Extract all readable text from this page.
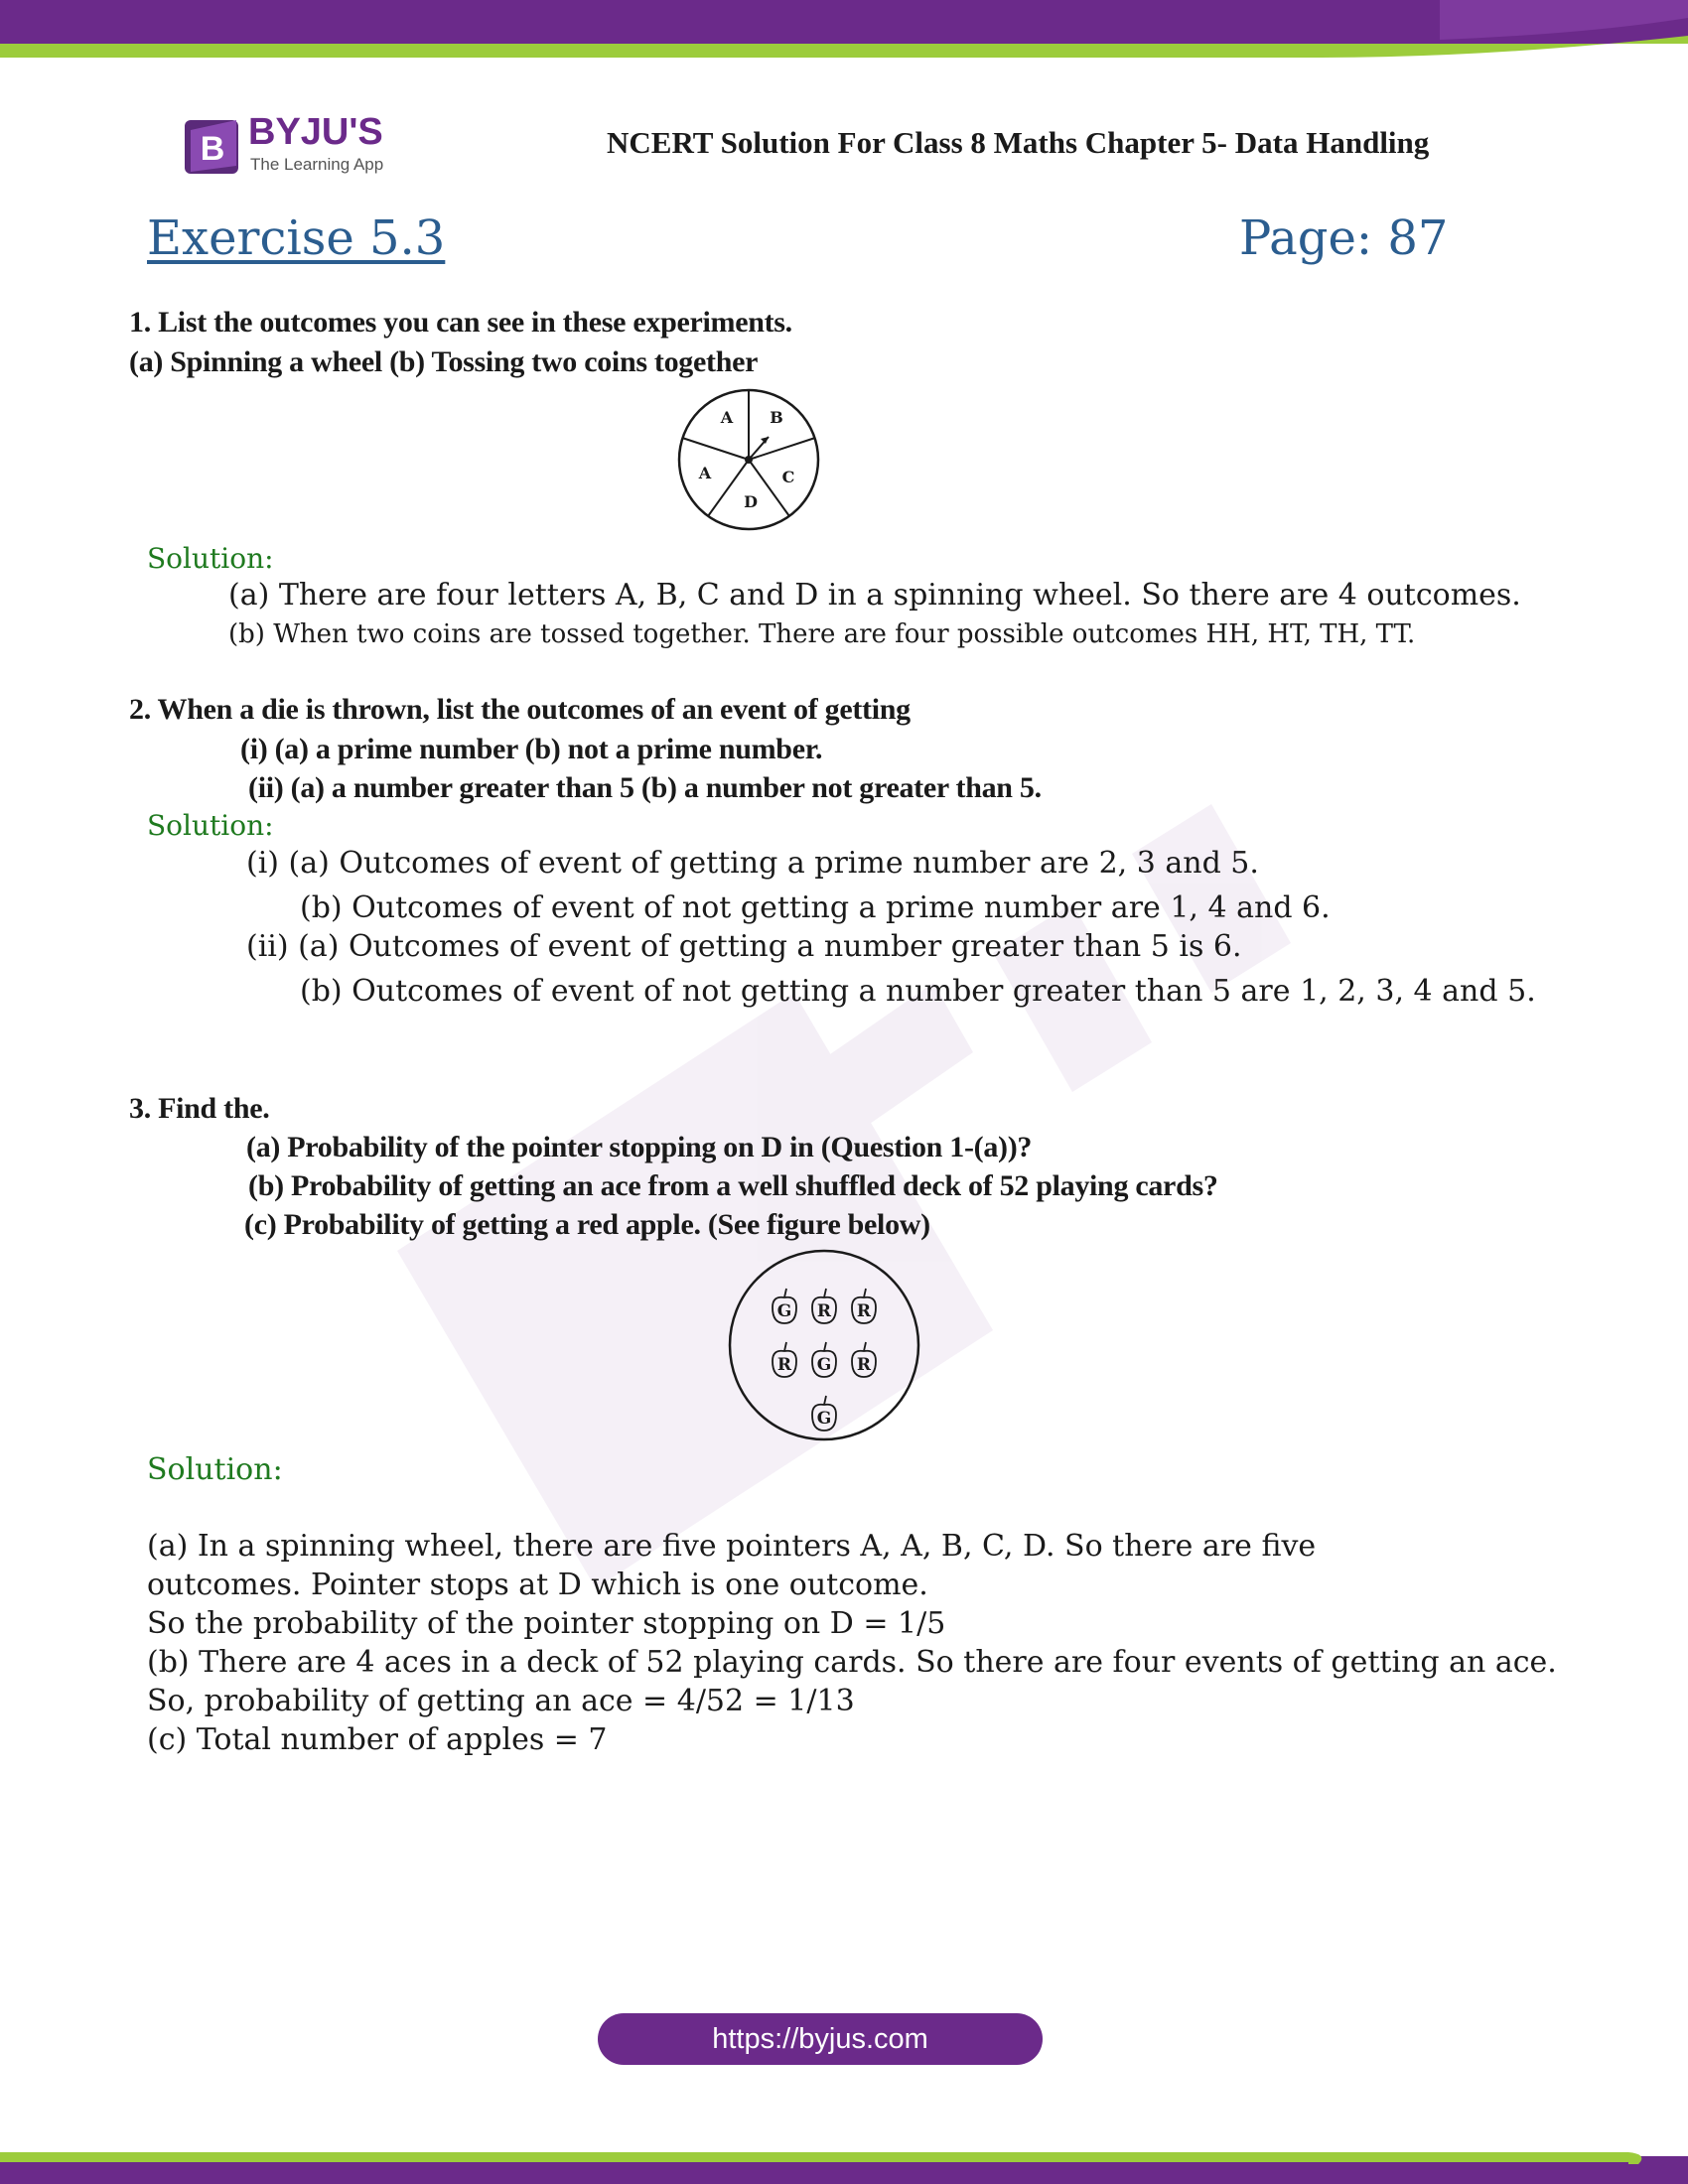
B BYJU'S
The Learning App
NCERT Solution For Class 8 Maths Chapter 5- Data Handling
Exercise 5.3	Page: 87
1. List the outcomes you can see in these experiments.
(a) Spinning a wheel (b) Tossing two coins together
A B
A	C
D
Solution:
(a) There are four letters A, B, C and D in a spinning wheel. So there are 4 outcomes.
(b) When two coins are tossed together. There are four possible outcomes HH, HT, TH, TT.
2. When a die is thrown, list the outcomes of an event of getting
(i) (a) a prime number (b) not a prime number.
(ii) (a) a number greater than 5 (b) a number not greater than 5.
Solution:
(i) (a) Outcomes of event of getting a prime number are 2, 3 and 5.
(b) Outcomes of event of not getting a prime number are 1, 4 and 6.
(ii) (a) Outcomes of event of getting a number greater than 5 is 6.
(b) Outcomes of event of not getting a number greater than 5 are 1, 2, 3, 4 and 5.
3. Find the.
(a) Probability of the pointer stopping on D in (Question 1-(a))?
(b) Probability of getting an ace from a well shuffled deck of 52 playing cards?
(c) Probability of getting a red apple. (See figure below)
G R R
R G R
G
Solution:
(a) In a spinning wheel, there are five pointers A, A, B, C, D. So there are five
outcomes. Pointer stops at D which is one outcome.
So the probability of the pointer stopping on D = 1/5
(b) There are 4 aces in a deck of 52 playing cards. So there are four events of getting an ace.
So, probability of getting an ace = 4/52 = 1/13
(c) Total number of apples = 7
https://byjus.com
